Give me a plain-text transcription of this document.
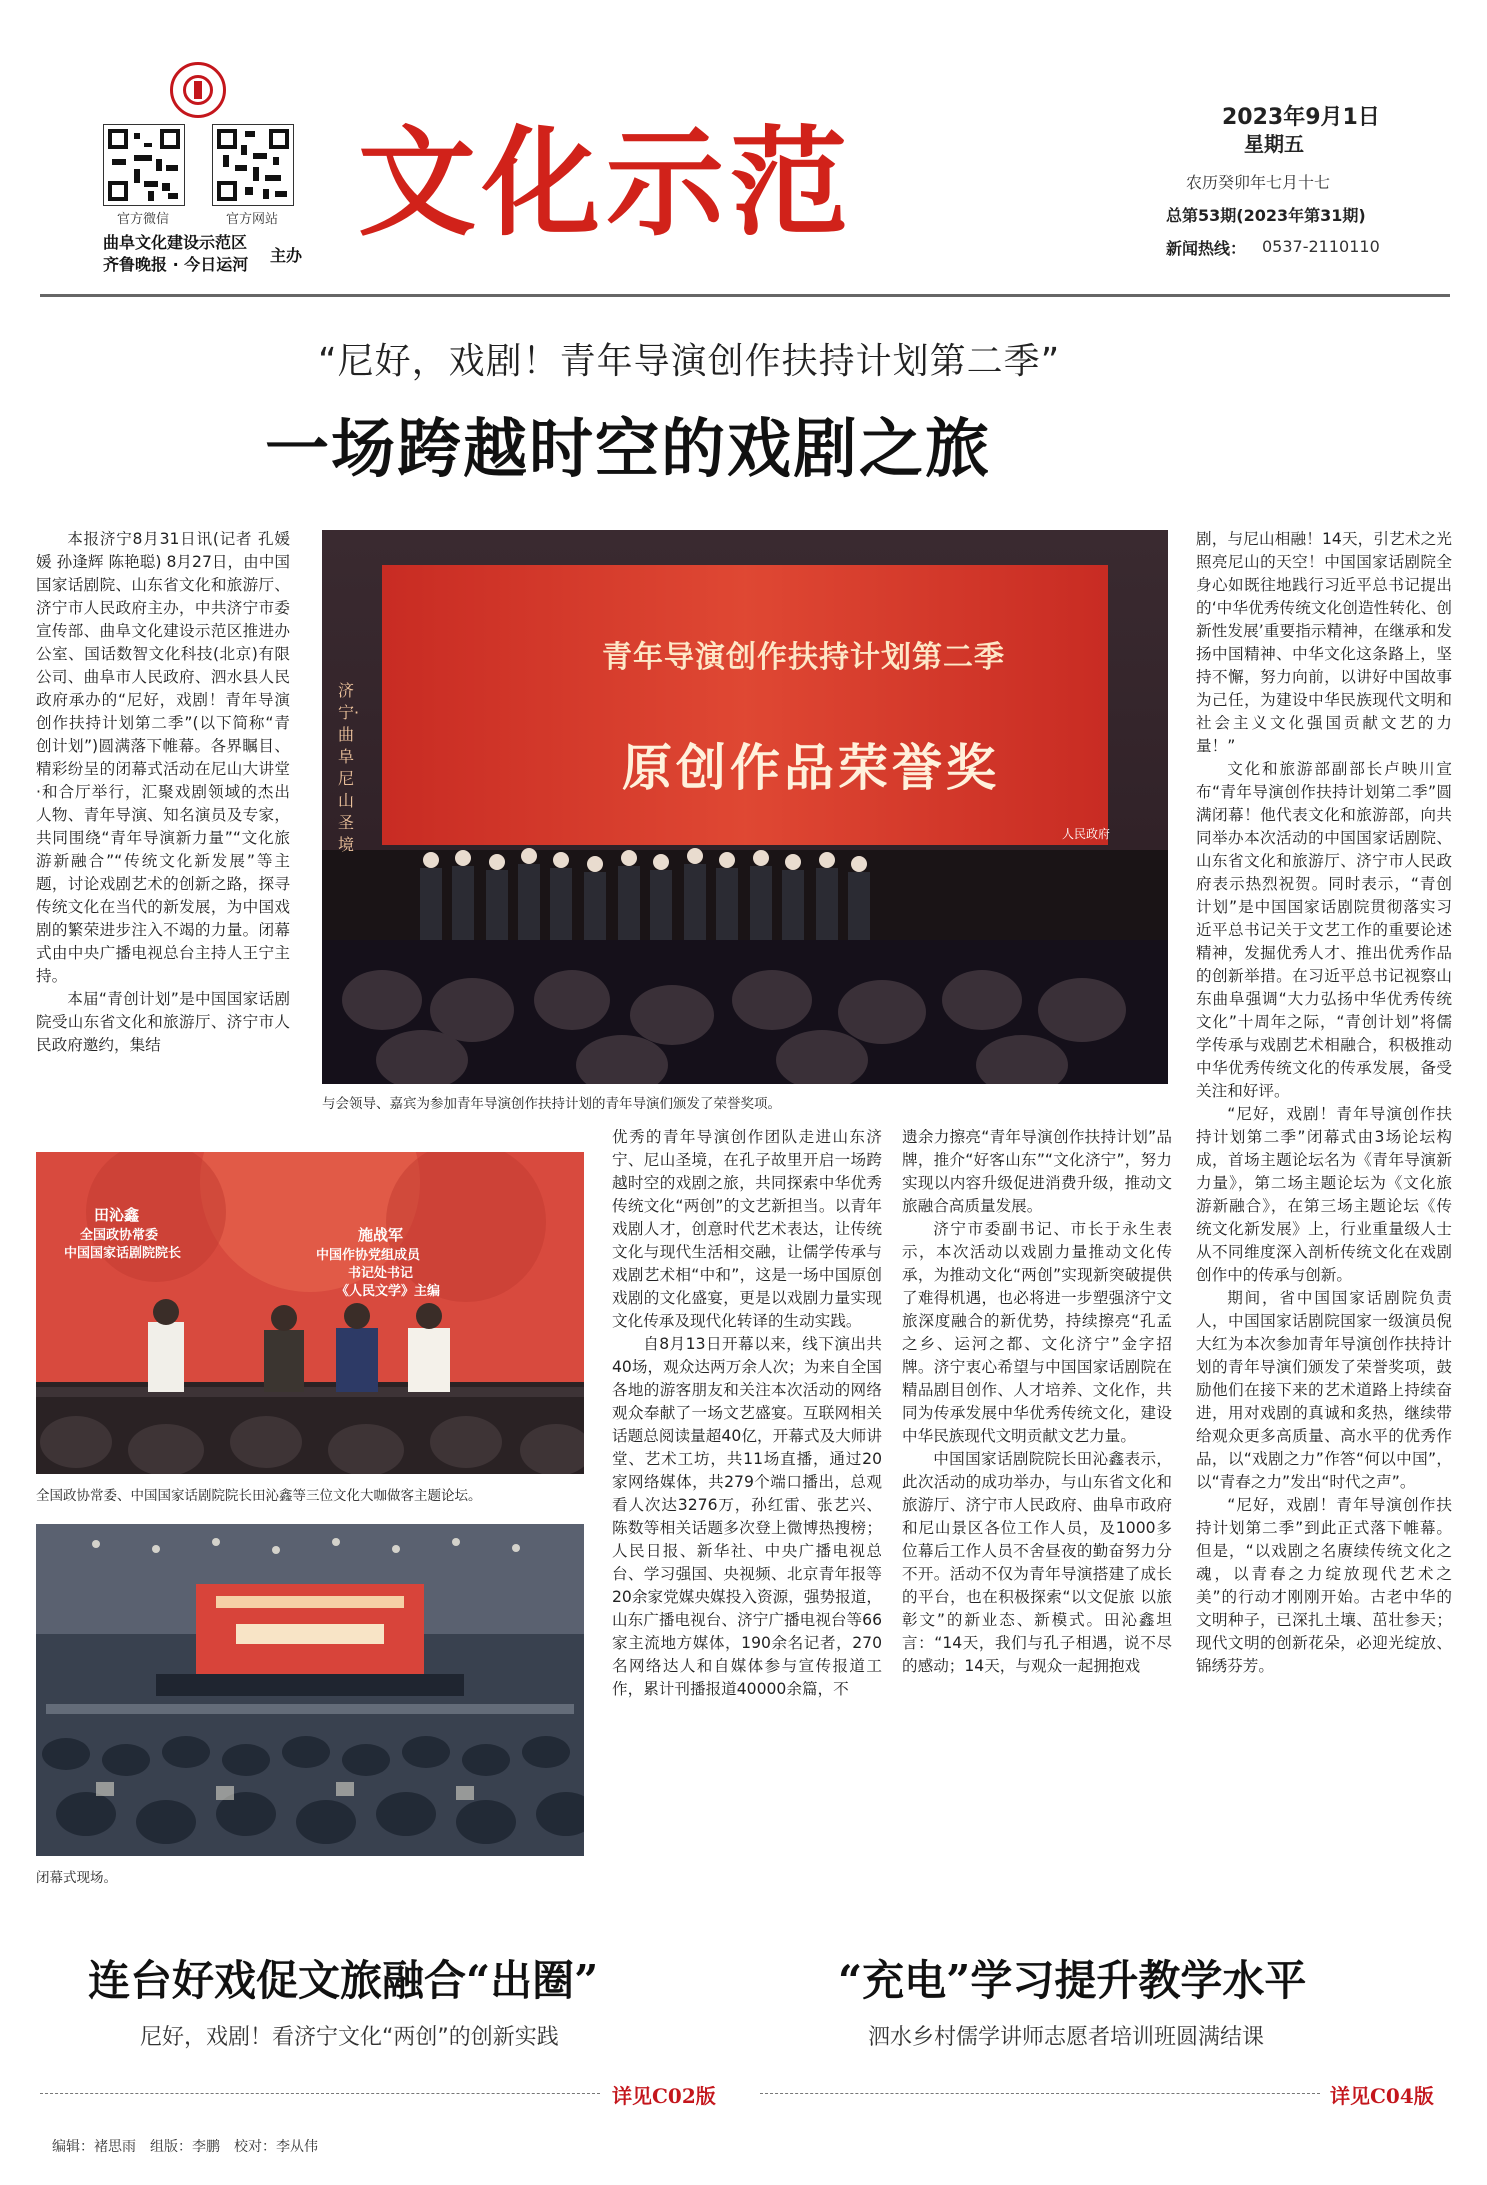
官方微信	官方网站
曲阜文化建设示范区
齐鲁晚报 · 今日运河 主办
文化示范	2023年9月1日
星期五
农历癸卯年七月十七
总第53期(2023年第31期)
新闻热线： 0537-2110110
“尼好，戏剧！青年导演创作扶持计划第二季”
一场跨越时空的戏剧之旅
济宁·曲阜尼山圣境
青年导演创作扶持计划第二季
原创作品荣誉奖
人民政府
与会领导、嘉宾为参加青年导演创作扶持计划的青年导演们颁发了荣誉奖项。

本报济宁8月31日讯(记者 孔媛媛 孙逢辉 陈艳聪) 8月27日，由中国国家话剧院、山东省文化和旅游厅、济宁市人民政府主办，中共济宁市委宣传部、曲阜文化建设示范区推进办公室、国话数智文化科技(北京)有限公司、曲阜市人民政府、泗水县人民政府承办的“尼好，戏剧！青年导演创作扶持计划第二季”(以下简称“青创计划”)圆满落下帷幕。各界瞩目、精彩纷呈的闭幕式活动在尼山大讲堂·和合厅举行，汇聚戏剧领域的杰出人物、青年导演、知名演员及专家，共同围绕“青年导演新力量”“文化旅游新融合”“传统文化新发展”等主题，讨论戏剧艺术的创新之路，探寻传统文化在当代的新发展，为中国戏剧的繁荣进步注入不竭的力量。闭幕式由中央广播电视总台主持人王宁主持。

本届“青创计划”是中国国家话剧院受山东省文化和旅游厅、济宁市人民政府邀约，集结

剧，与尼山相融！14天，引艺术之光照亮尼山的天空！中国国家话剧院全身心如既往地践行习近平总书记提出的‘中华优秀传统文化创造性转化、创新性发展’重要指示精神，在继承和发扬中国精神、中华文化这条路上，坚持不懈，努力向前，以讲好中国故事为己任，为建设中华民族现代文明和社会主义文化强国贡献文艺的力量！”

文化和旅游部副部长卢映川宣布“青年导演创作扶持计划第二季”圆满闭幕！他代表文化和旅游部，向共同举办本次活动的中国国家话剧院、山东省文化和旅游厅、济宁市人民政府表示热烈祝贺。同时表示，“青创计划”是中国国家话剧院贯彻落实习近平总书记关于文艺工作的重要论述精神，发掘优秀人才、推出优秀作品的创新举措。在习近平总书记视察山东曲阜强调“大力弘扬中华优秀传统文化”十周年之际，“青创计划”将儒学传承与戏剧艺术相融合，积极推动中华优秀传统文化的传承发展，备受关注和好评。

“尼好，戏剧！青年导演创作扶持计划第二季”闭幕式由3场论坛构成，首场主题论坛名为《青年导演新力量》，第二场主题论坛为《文化旅游新融合》，在第三场主题论坛《传统文化新发展》上，行业重量级人士从不同维度深入剖析传统文化在戏剧创作中的传承与创新。

期间，省中国国家话剧院负责人，中国国家话剧院国家一级演员倪大红为本次参加青年导演创作扶持计划的青年导演们颁发了荣誉奖项，鼓励他们在接下来的艺术道路上持续奋进，用对戏剧的真诚和炙热，继续带给观众更多高质量、高水平的优秀作品，以“戏剧之力”作答“何以中国”，以“青春之力”发出“时代之声”。

“尼好，戏剧！青年导演创作扶持计划第二季”到此正式落下帷幕。但是，“以戏剧之名赓续传统文化之魂，以青春之力绽放现代艺术之美”的行动才刚刚开始。古老中华的文明种子，已深扎土壤、茁壮参天；现代文明的创新花朵，必迎光绽放、锦绣芬芳。

田沁鑫
全国政协常委
中国国家话剧院院长
施战军
中国作协党组成员
书记处书记
《人民文学》主编
全国政协常委、中国国家话剧院院长田沁鑫等三位文化大咖做客主题论坛。
闭幕式现场。

优秀的青年导演创作团队走进山东济宁、尼山圣境，在孔子故里开启一场跨越时空的戏剧之旅，共同探索中华优秀传统文化“两创”的文艺新担当。以青年戏剧人才，创意时代艺术表达，让传统文化与现代生活相交融，让儒学传承与戏剧艺术相“中和”，这是一场中国原创戏剧的文化盛宴，更是以戏剧力量实现文化传承及现代化转译的生动实践。

自8月13日开幕以来，线下演出共40场，观众达两万余人次；为来自全国各地的游客朋友和关注本次活动的网络观众奉献了一场文艺盛宴。互联网相关话题总阅读量超40亿，开幕式及大师讲堂、艺术工坊，共11场直播，通过20家网络媒体，共279个端口播出，总观看人次达3276万，孙红雷、张艺兴、陈数等相关话题多次登上微博热搜榜；人民日报、新华社、中央广播电视总台、学习强国、央视频、北京青年报等20余家党媒央媒投入资源，强势报道，山东广播电视台、济宁广播电视台等66家主流地方媒体，190余名记者，270名网络达人和自媒体参与宣传报道工作，累计刊播报道40000余篇，不

遗余力擦亮“青年导演创作扶持计划”品牌，推介“好客山东”“文化济宁”，努力实现以内容升级促进消费升级，推动文旅融合高质量发展。

济宁市委副书记、市长于永生表示，本次活动以戏剧力量推动文化传承，为推动文化“两创”实现新突破提供了难得机遇，也必将进一步塑强济宁文旅深度融合的新优势，持续擦亮“孔孟之乡、运河之都、文化济宁”金字招牌。济宁衷心希望与中国国家话剧院在精品剧目创作、人才培养、文化作，共同为传承发展中华优秀传统文化，建设中华民族现代文明贡献文艺力量。

中国国家话剧院院长田沁鑫表示，此次活动的成功举办，与山东省文化和旅游厅、济宁市人民政府、曲阜市政府和尼山景区各位工作人员，及1000多位幕后工作人员不舍昼夜的勤奋努力分不开。活动不仅为青年导演搭建了成长的平台，也在积极探索“以文促旅 以旅彰文”的新业态、新模式。田沁鑫坦言：“14天，我们与孔子相遇，说不尽的感动；14天，与观众一起拥抱戏

连台好戏促文旅融合“出圈”
尼好，戏剧！看济宁文化“两创”的创新实践
详见C02版
“充电”学习提升教学水平
泗水乡村儒学讲师志愿者培训班圆满结课
详见C04版
编辑：褚思雨　组版：李鹏　校对：李从伟
